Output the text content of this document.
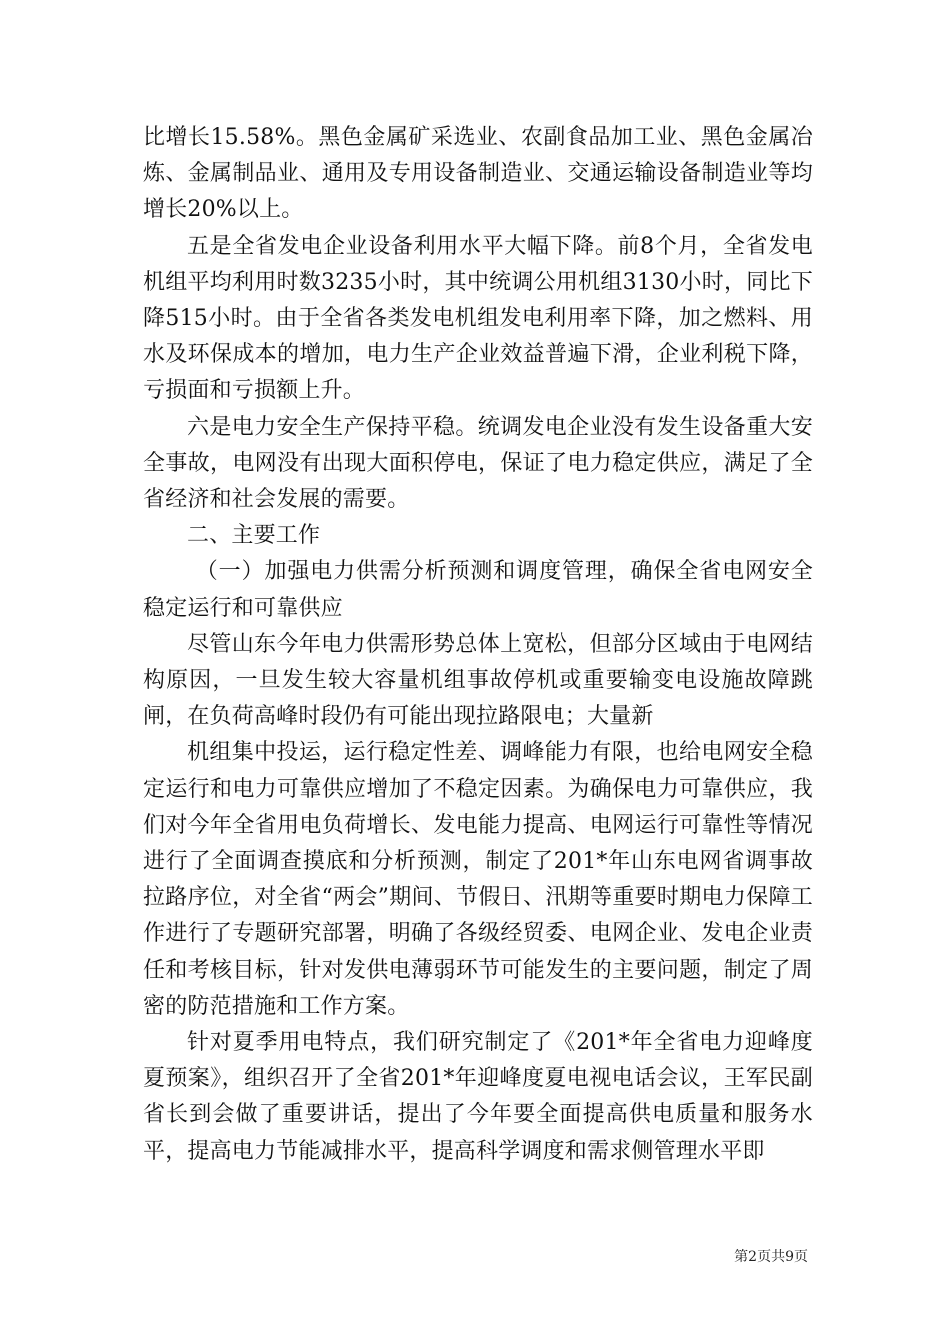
比增长15.58%。黑色金属矿采选业、农副食品加工业、黑色金属冶炼、金属制品业、通用及专用设备制造业、交通运输设备制造业等均增长20%以上。

五是全省发电企业设备利用水平大幅下降。前8个月，全省发电机组平均利用时数3235小时，其中统调公用机组3130小时，同比下降515小时。由于全省各类发电机组发电利用率下降，加之燃料、用水及环保成本的增加，电力生产企业效益普遍下滑，企业利税下降，亏损面和亏损额上升。

六是电力安全生产保持平稳。统调发电企业没有发生设备重大安全事故，电网没有出现大面积停电，保证了电力稳定供应，满足了全省经济和社会发展的需要。

二、主要工作

（一）加强电力供需分析预测和调度管理，确保全省电网安全稳定运行和可靠供应

尽管山东今年电力供需形势总体上宽松，但部分区域由于电网结构原因，一旦发生较大容量机组事故停机或重要输变电设施故障跳闸，在负荷高峰时段仍有可能出现拉路限电；大量新

机组集中投运，运行稳定性差、调峰能力有限，也给电网安全稳定运行和电力可靠供应增加了不稳定因素。为确保电力可靠供应，我们对今年全省用电负荷增长、发电能力提高、电网运行可靠性等情况进行了全面调查摸底和分析预测，制定了201*年山东电网省调事故拉路序位，对全省“两会”期间、节假日、汛期等重要时期电力保障工作进行了专题研究部署，明确了各级经贸委、电网企业、发电企业责任和考核目标，针对发供电薄弱环节可能发生的主要问题，制定了周密的防范措施和工作方案。

针对夏季用电特点，我们研究制定了《201*年全省电力迎峰度夏预案》，组织召开了全省201*年迎峰度夏电视电话会议，王军民副省长到会做了重要讲话，提出了今年要全面提高供电质量和服务水平，提高电力节能减排水平，提高科学调度和需求侧管理水平即

第2页共9页
